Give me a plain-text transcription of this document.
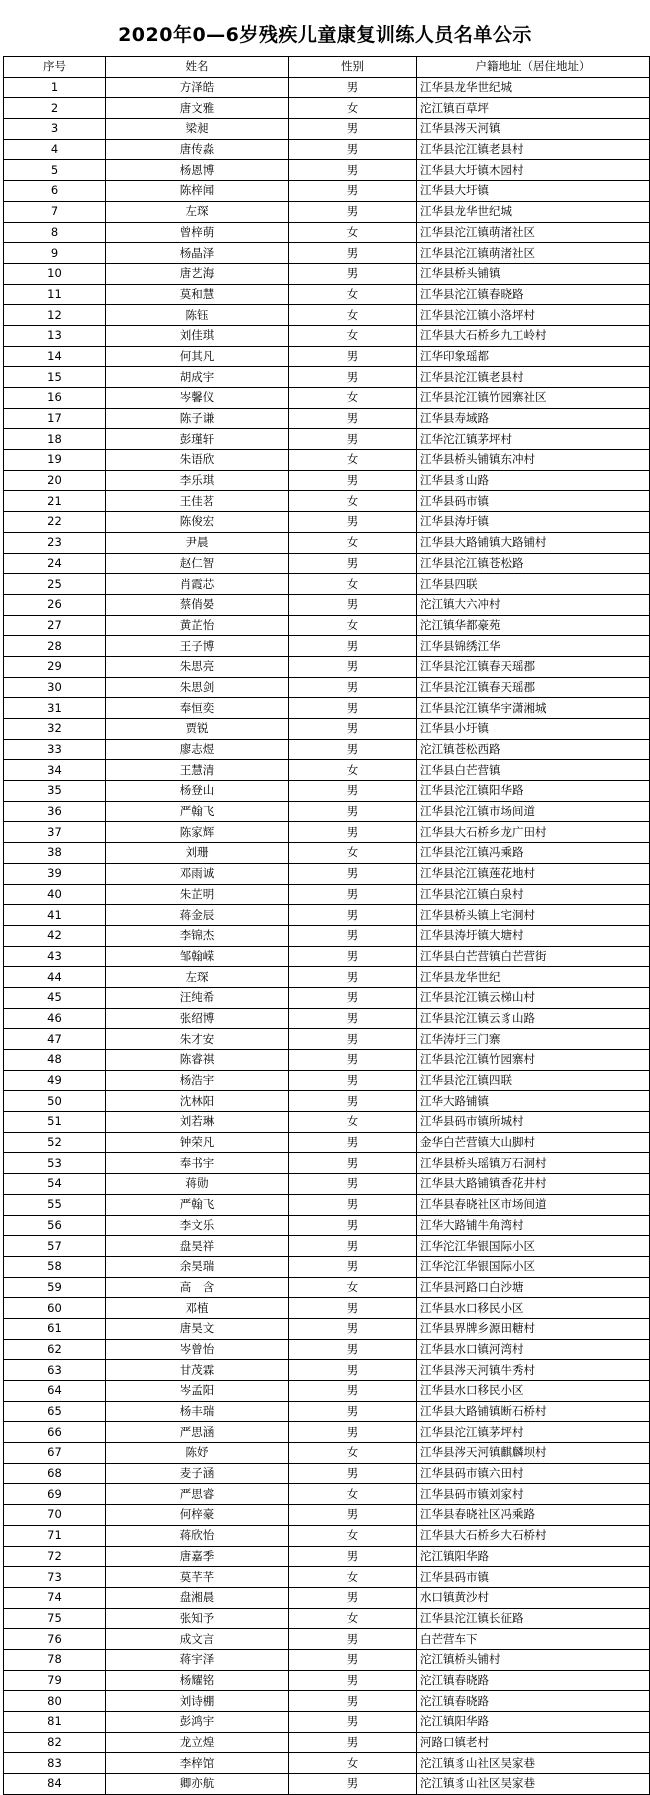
2020年0—6岁残疾儿童康复训练人员名单公示
序号	姓名	性别	户籍地址（居住地址）
1	方泽皓	男	江华县龙华世纪城
2	唐文雅	女	沱江镇百草坪
3	梁昶	男	江华县涔天河镇
4	唐传淼	男	江华县沱江镇老县村
5	杨恩博	男	江华县大圩镇木园村
6	陈梓闻	男	江华县大圩镇
7	左琛	男	江华县龙华世纪城
8	曾梓萌	女	江华县沱江镇萌渚社区
9	杨晶泽	男	江华县沱江镇萌渚社区
10	唐艺海	男	江华县桥头铺镇
11	莫和慧	女	江华县沱江镇春晓路
12	陈钰	女	江华县沱江镇小洛坪村
13	刘佳琪	女	江华县大石桥乡九工岭村
14	何其凡	男	江华印象瑶都
15	胡成宇	男	江华县沱江镇老县村
16	岑馨仪	女	江华县沱江镇竹园寨社区
17	陈子谦	男	江华县寿域路
18	彭瑾轩	男	江华沱江镇茅坪村
19	朱语欣	女	江华县桥头铺镇东冲村
20	李乐琪	男	江华县豸山路
21	王佳茗	女	江华县码市镇
22	陈俊宏	男	江华县涛圩镇
23	尹晨	女	江华县大路铺镇大路铺村
24	赵仁智	男	江华县沱江镇苍松路
25	肖霞芯	女	江华县四联
26	蔡俏晏	男	沱江镇大六冲村
27	黄芷怡	女	沱江镇华都豪苑
28	王子博	男	江华县锦绣江华
29	朱思亮	男	江华县沱江镇春天瑶郡
30	朱思剑	男	江华县沱江镇春天瑶郡
31	奉恒奕	男	江华县沱江镇华宇潇湘城
32	贾锐	男	江华县小圩镇
33	廖志煜	男	沱江镇苍松西路
34	王慧清	女	江华县白芒营镇
35	杨登山	男	江华县沱江镇阳华路
36	严翰飞	男	江华县沱江镇市场间道
37	陈家辉	男	江华县大石桥乡龙广田村
38	刘珊	女	江华县沱江镇冯乘路
39	邓雨诚	男	江华县沱江镇莲花地村
40	朱芷明	男	江华县沱江镇白泉村
41	蒋金辰	男	江华县桥头镇上宅洞村
42	李锦杰	男	江华县涛圩镇大塘村
43	邹翰嵘	男	江华县白芒营镇白芒营街
44	左琛	男	江华县龙华世纪
45	汪纯希	男	江华县沱江镇云梯山村
46	张绍博	男	江华县沱江镇云豸山路
47	朱才安	男	江华涛圩三门寨
48	陈睿祺	男	江华县沱江镇竹园寨村
49	杨浩宇	男	江华县沱江镇四联
50	沈林阳	男	江华大路铺镇
51	刘若琳	女	江华县码市镇所城村
52	钟荣凡	男	金华白芒营镇大山脚村
53	奉书宇	男	江华县桥头瑶镇万石洞村
54	蒋勋	男	江华县大路铺镇香花井村
55	严翰飞	男	江华县春晓社区市场间道
56	李文乐	男	江华大路铺牛角湾村
57	盘昊祥	男	江华沱江华银国际小区
58	余昊瑞	男	江华沱江华银国际小区
59	高　含	女	江华县河路口白沙塘
60	邓植	男	江华县水口移民小区
61	唐昊文	男	江华县界牌乡源田糖村
62	岑曾怡	男	江华县水口镇河湾村
63	甘茂霖	男	江华县涔天河镇牛秀村
64	岑孟阳	男	江华县水口移民小区
65	杨丰瑞	男	江华县大路铺镇断石桥村
66	严思涵	男	江华县沱江镇茅坪村
67	陈妤	女	江华县涔天河镇麒麟坝村
68	麦子涵	男	江华县码市镇六田村
69	严思睿	女	江华县码市镇刘家村
70	何梓豪	男	江华县春晓社区冯乘路
71	蒋欣怡	女	江华县大石桥乡大石桥村
72	唐嘉季	男	沱江镇阳华路
73	莫芊芊	女	江华县码市镇
74	盘湘晨	男	水口镇黄沙村
75	张知予	女	江华县沱江镇长征路
76	成文言	男	白芒营车下
78	蒋宇泽	男	沱江镇桥头铺村
79	杨耀铭	男	沱江镇春晓路
80	刘诗棚	男	沱江镇春晓路
81	彭鸿宇	男	沱江镇阳华路
82	龙立煌	男	河路口镇老村
83	李梓馆	女	沱江镇豸山社区吴家巷
84	卿亦航	男	沱江镇豸山社区吴家巷
